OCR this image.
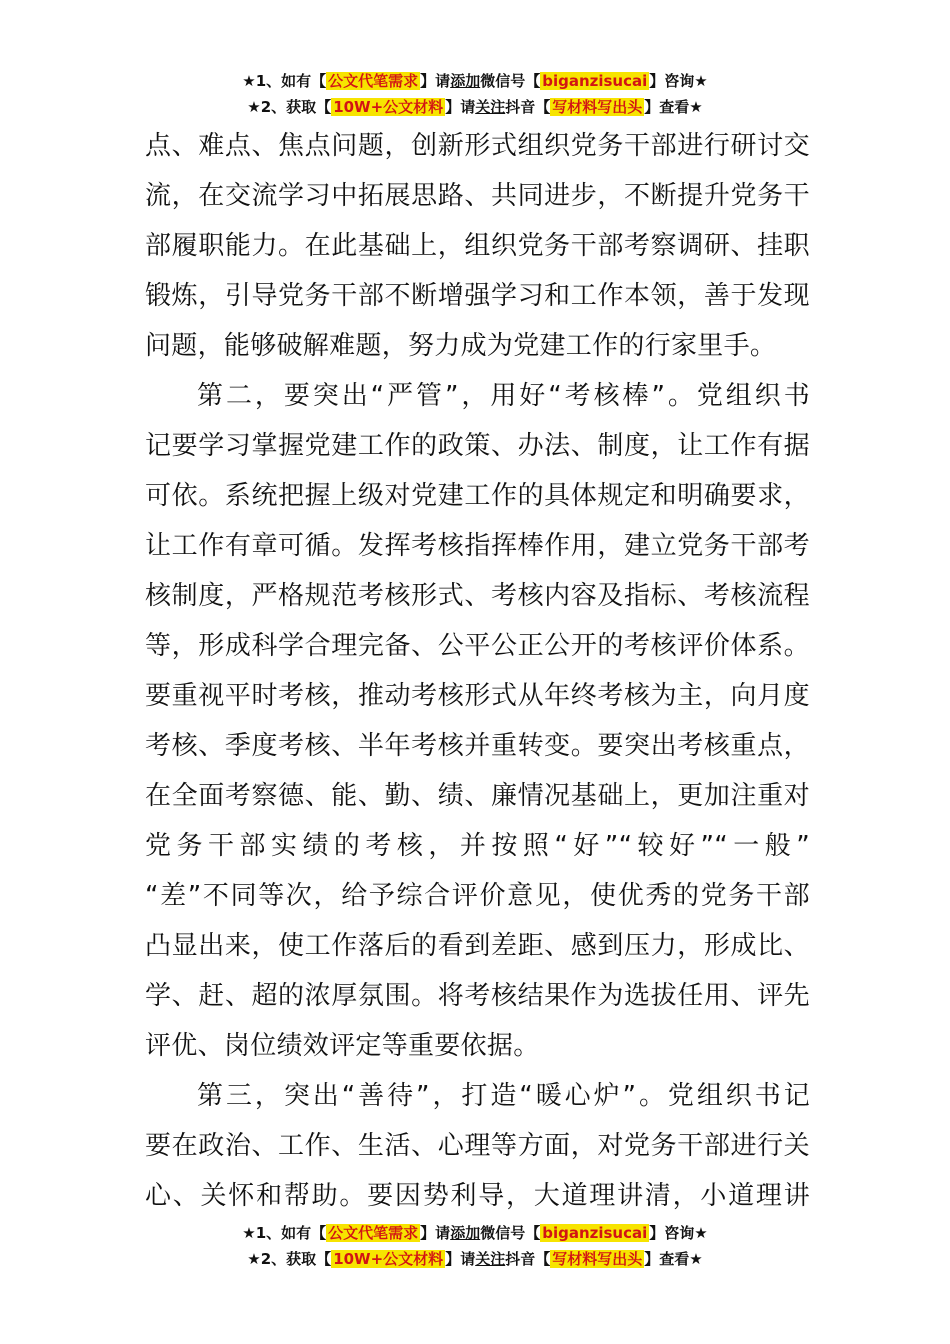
★1、如有【 公文代笔需求 】请添加微信号【 biganzisucai 】咨询★
★2、获取【 10W+公文材料 】请关注抖音【 写材料写出头 】查看★
点、难点、焦点问题，创新形式组织党务干部进行研讨交
流，在交流学习中拓展思路、共同进步，不断提升党务干
部履职能力。在此基础上，组织党务干部考察调研、挂职
锻炼，引导党务干部不断增强学习和工作本领，善于发现
问题，能够破解难题，努力成为党建工作的行家里手。
第二，要突出“严管”，用好“考核棒”。党组织书
记要学习掌握党建工作的政策、办法、制度，让工作有据
可依。系统把握上级对党建工作的具体规定和明确要求，
让工作有章可循。发挥考核指挥棒作用，建立党务干部考
核制度，严格规范考核形式、考核内容及指标、考核流程
等，形成科学合理完备、公平公正公开的考核评价体系。
要重视平时考核，推动考核形式从年终考核为主，向月度
考核、季度考核、半年考核并重转变。要突出考核重点，
在全面考察德、能、勤、绩、廉情况基础上，更加注重对
党务干部实绩的考核，并按照“好”“较好”“一般”
“差”不同等次，给予综合评价意见，使优秀的党务干部
凸显出来，使工作落后的看到差距、感到压力，形成比、
学、赶、超的浓厚氛围。将考核结果作为选拔任用、评先
评优、岗位绩效评定等重要依据。
第三，突出“善待”，打造“暖心炉”。党组织书记
要在政治、工作、生活、心理等方面，对党务干部进行关
心、关怀和帮助。要因势利导，大道理讲清，小道理讲
★1、如有【 公文代笔需求 】请添加微信号【 biganzisucai 】咨询★
★2、获取【 10W+公文材料 】请关注抖音【 写材料写出头 】查看★
